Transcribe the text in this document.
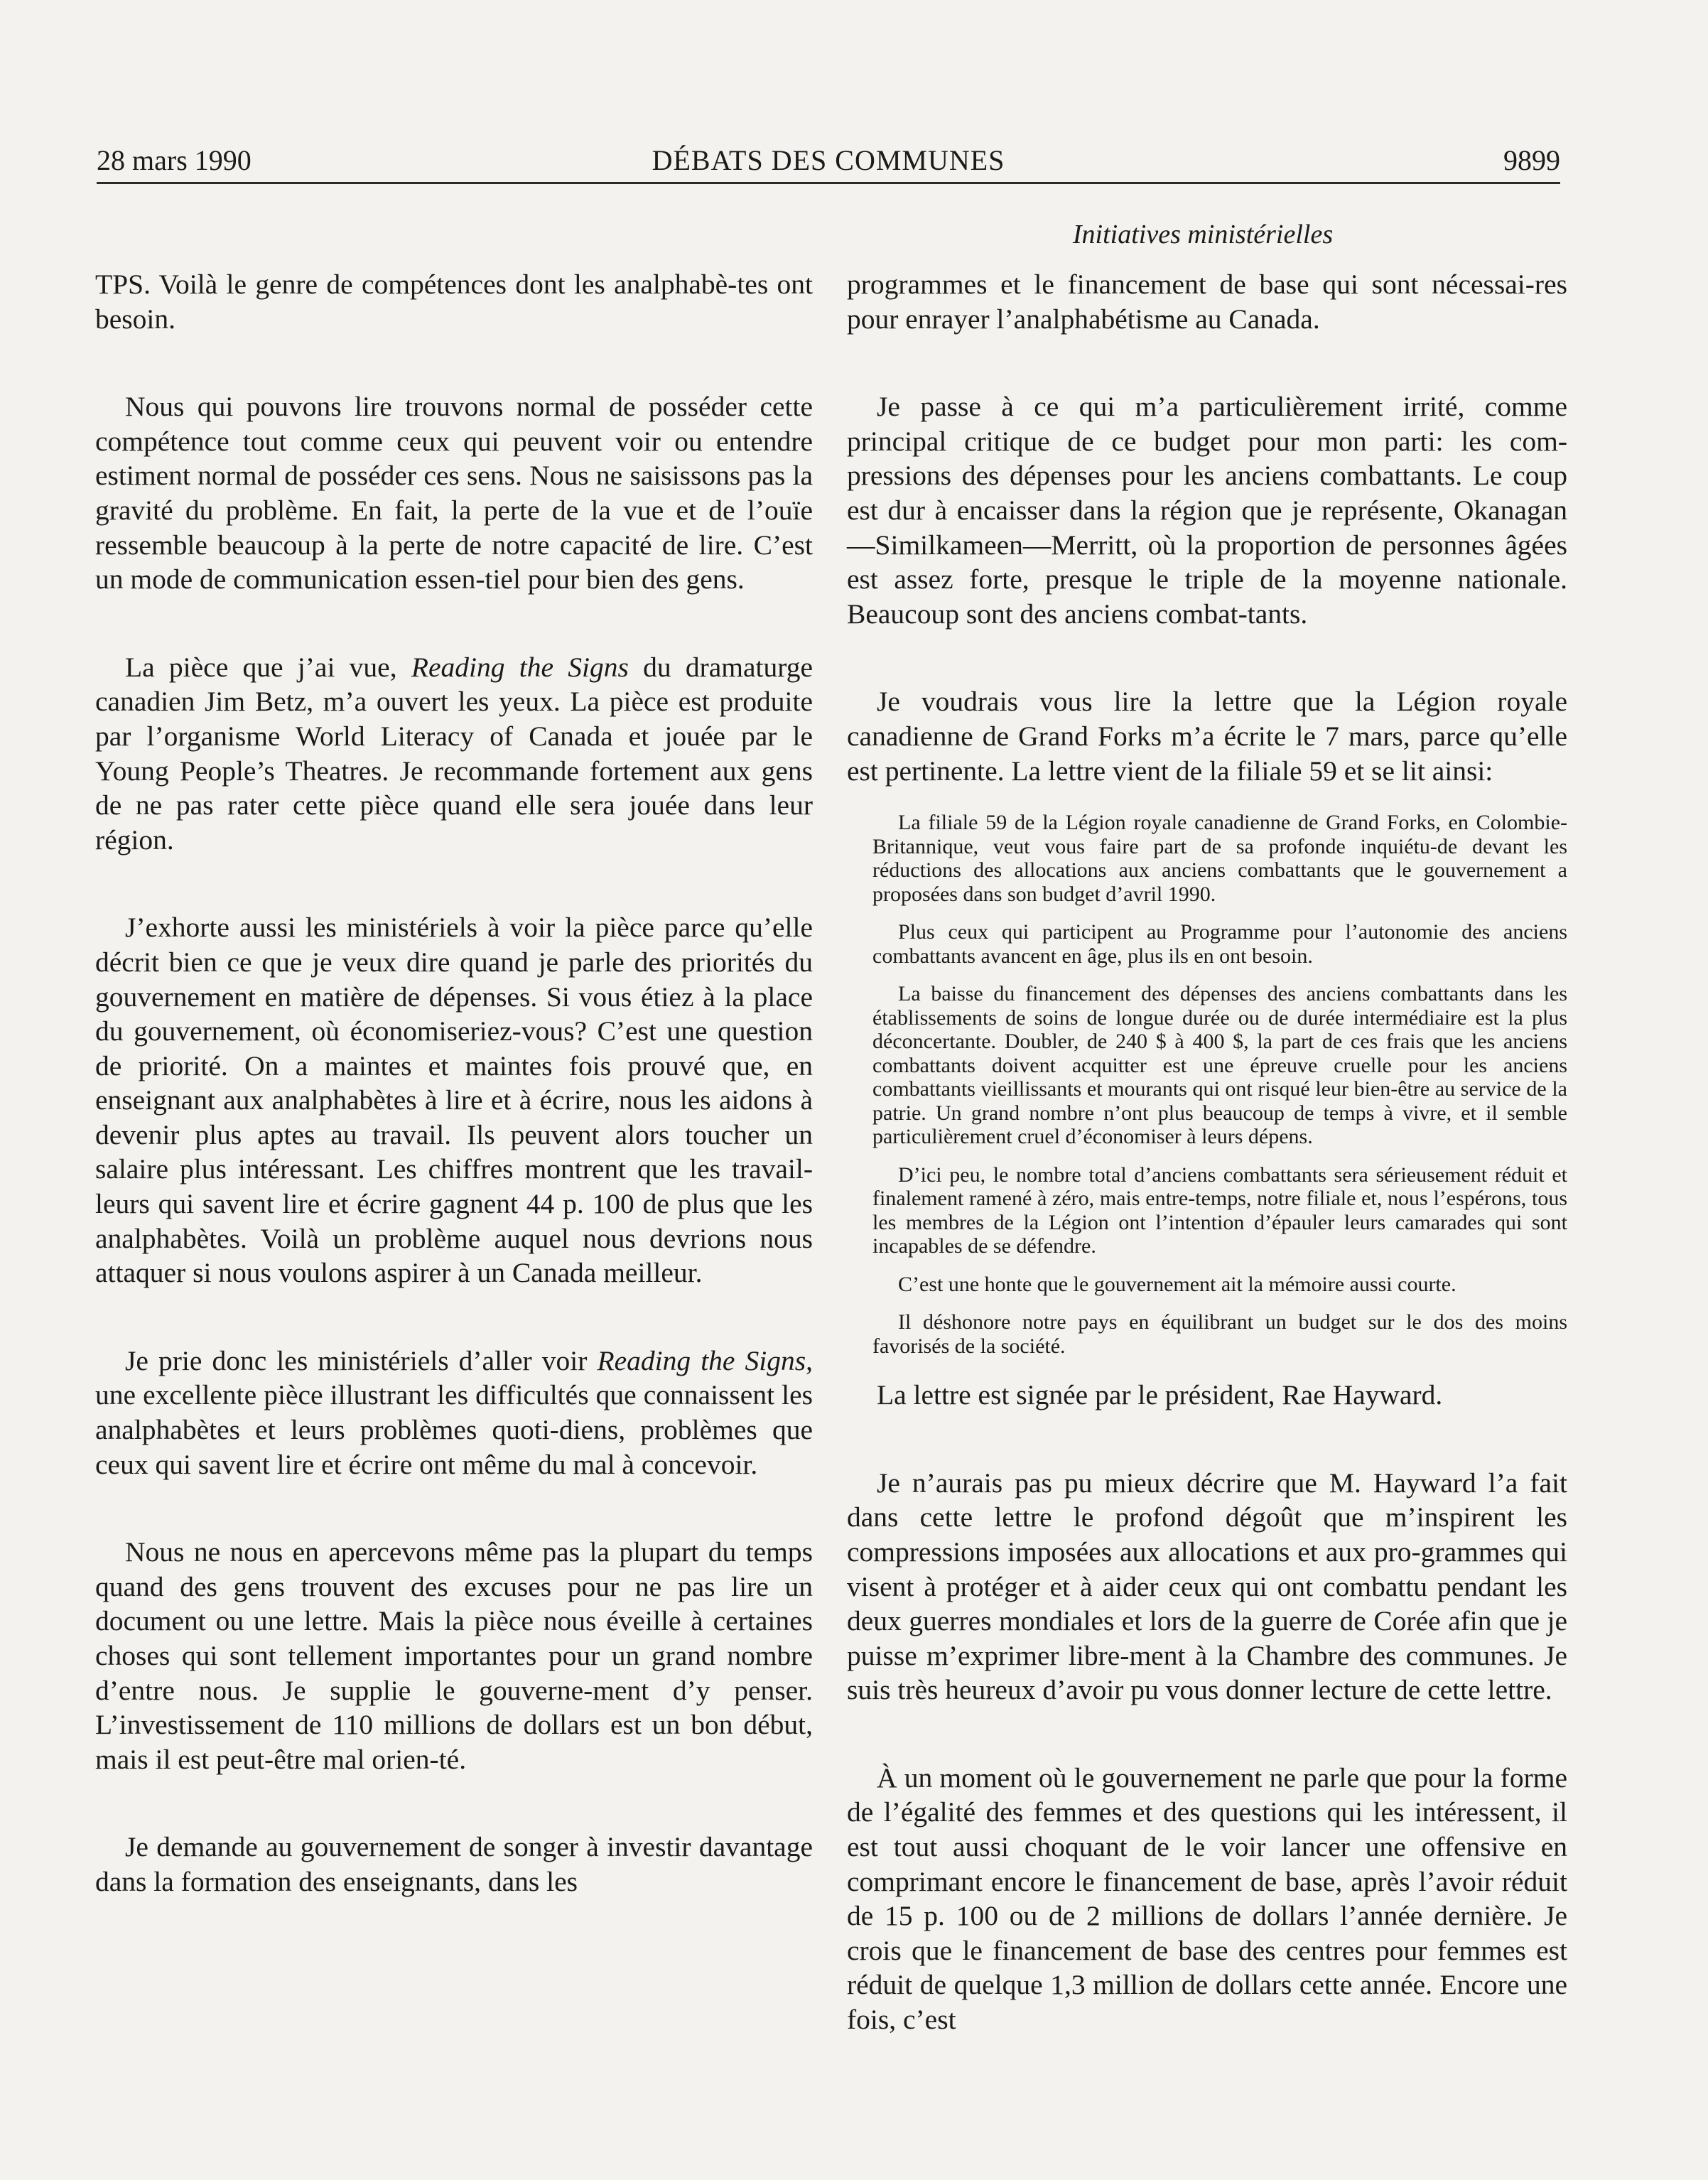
28 mars 1990	DÉBATS DES COMMUNES	9899
Initiatives ministérielles

TPS. Voilà le genre de compétences dont les analphabè-tes ont besoin.

Nous qui pouvons lire trouvons normal de posséder cette compétence tout comme ceux qui peuvent voir ou entendre estiment normal de posséder ces sens. Nous ne saisissons pas la gravité du problème. En fait, la perte de la vue et de l’ouïe ressemble beaucoup à la perte de notre capacité de lire. C’est un mode de communication essen-tiel pour bien des gens.

La pièce que j’ai vue, Reading the Signs du dramaturge canadien Jim Betz, m’a ouvert les yeux. La pièce est produite par l’organisme World Literacy of Canada et jouée par le Young People’s Theatres. Je recommande fortement aux gens de ne pas rater cette pièce quand elle sera jouée dans leur région.

J’exhorte aussi les ministériels à voir la pièce parce qu’elle décrit bien ce que je veux dire quand je parle des priorités du gouvernement en matière de dépenses. Si vous étiez à la place du gouvernement, où économiseriez-vous? C’est une question de priorité. On a maintes et maintes fois prouvé que, en enseignant aux analphabètes à lire et à écrire, nous les aidons à devenir plus aptes au travail. Ils peuvent alors toucher un salaire plus intéressant. Les chiffres montrent que les travail-leurs qui savent lire et écrire gagnent 44 p. 100 de plus que les analphabètes. Voilà un problème auquel nous devrions nous attaquer si nous voulons aspirer à un Canada meilleur.

Je prie donc les ministériels d’aller voir Reading the Signs, une excellente pièce illustrant les difficultés que connaissent les analphabètes et leurs problèmes quoti-diens, problèmes que ceux qui savent lire et écrire ont même du mal à concevoir.

Nous ne nous en apercevons même pas la plupart du temps quand des gens trouvent des excuses pour ne pas lire un document ou une lettre. Mais la pièce nous éveille à certaines choses qui sont tellement importantes pour un grand nombre d’entre nous. Je supplie le gouverne-ment d’y penser. L’investissement de 110 millions de dollars est un bon début, mais il est peut-être mal orien-té.

Je demande au gouvernement de songer à investir davantage dans la formation des enseignants, dans les

programmes et le financement de base qui sont nécessai-res pour enrayer l’analphabétisme au Canada.

Je passe à ce qui m’a particulièrement irrité, comme principal critique de ce budget pour mon parti: les com-pressions des dépenses pour les anciens combattants. Le coup est dur à encaisser dans la région que je représente, Okanagan—Similkameen—Merritt, où la proportion de personnes âgées est assez forte, presque le triple de la moyenne nationale. Beaucoup sont des anciens combat-tants.

Je voudrais vous lire la lettre que la Légion royale canadienne de Grand Forks m’a écrite le 7 mars, parce qu’elle est pertinente. La lettre vient de la filiale 59 et se lit ainsi:

La filiale 59 de la Légion royale canadienne de Grand Forks, en Colombie-Britannique, veut vous faire part de sa profonde inquiétu-de devant les réductions des allocations aux anciens combattants que le gouvernement a proposées dans son budget d’avril 1990.

Plus ceux qui participent au Programme pour l’autonomie des anciens combattants avancent en âge, plus ils en ont besoin.

La baisse du financement des dépenses des anciens combattants dans les établissements de soins de longue durée ou de durée intermédiaire est la plus déconcertante. Doubler, de 240 $ à 400 $, la part de ces frais que les anciens combattants doivent acquitter est une épreuve cruelle pour les anciens combattants vieillissants et mourants qui ont risqué leur bien-être au service de la patrie. Un grand nombre n’ont plus beaucoup de temps à vivre, et il semble particulièrement cruel d’économiser à leurs dépens.

D’ici peu, le nombre total d’anciens combattants sera sérieusement réduit et finalement ramené à zéro, mais entre-temps, notre filiale et, nous l’espérons, tous les membres de la Légion ont l’intention d’épauler leurs camarades qui sont incapables de se défendre.

C’est une honte que le gouvernement ait la mémoire aussi courte.

Il déshonore notre pays en équilibrant un budget sur le dos des moins favorisés de la société.

La lettre est signée par le président, Rae Hayward.

Je n’aurais pas pu mieux décrire que M. Hayward l’a fait dans cette lettre le profond dégoût que m’inspirent les compressions imposées aux allocations et aux pro-grammes qui visent à protéger et à aider ceux qui ont combattu pendant les deux guerres mondiales et lors de la guerre de Corée afin que je puisse m’exprimer libre-ment à la Chambre des communes. Je suis très heureux d’avoir pu vous donner lecture de cette lettre.

À un moment où le gouvernement ne parle que pour la forme de l’égalité des femmes et des questions qui les intéressent, il est tout aussi choquant de le voir lancer une offensive en comprimant encore le financement de base, après l’avoir réduit de 15 p. 100 ou de 2 millions de dollars l’année dernière. Je crois que le financement de base des centres pour femmes est réduit de quelque 1,3 million de dollars cette année. Encore une fois, c’est
